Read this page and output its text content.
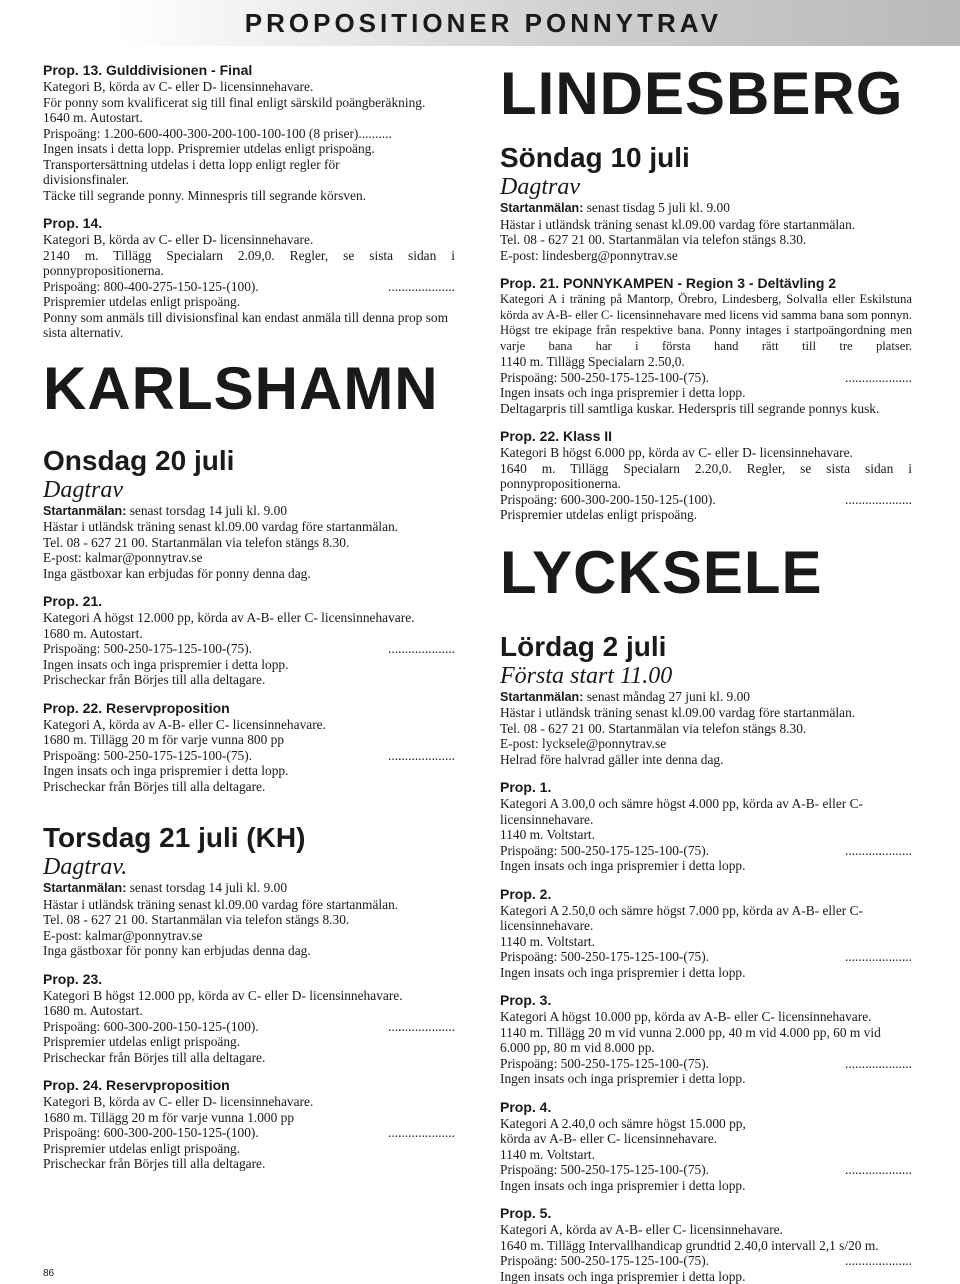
PROPOSITIONER PONNYTRAV
Prop. 13. Gulddivisionen - Final
Kategori B, körda av C- eller D- licensinnehavare.
För ponny som kvalificerat sig till final enligt särskild poängberäkning.
1640 m. Autostart.
Prispoäng: 1.200-600-400-300-200-100-100-100 (8 priser)..........
Ingen insats i detta lopp. Prispremier utdelas enligt prispoäng.
Transportersättning utdelas i detta lopp enligt regler för divisionsfinaler.
Täcke till segrande ponny. Minnespris till segrande körsven.
Prop. 14.
Kategori B, körda av C- eller D- licensinnehavare.
2140 m. Tillägg Specialarn 2.09,0. Regler, se sista sidan i ponnypropositionerna.
Prispoäng: 800-400-275-150-125-(100).	....................
Prispremier utdelas enligt prispoäng.
Ponny som anmäls till divisionsfinal kan endast anmäla till denna prop som sista alternativ.
KARLSHAMN
Onsdag 20 juli
Dagtrav
Startanmälan: senast torsdag 14 juli kl. 9.00
Hästar i utländsk träning senast kl.09.00 vardag före startanmälan.
Tel. 08 - 627 21 00. Startanmälan via telefon stängs 8.30.
E-post: kalmar@ponnytrav.se
Inga gästboxar kan erbjudas för ponny denna dag.
Prop. 21.
Kategori A högst 12.000 pp, körda av A-B- eller C- licensinnehavare.
1680 m. Autostart.
Prispoäng: 500-250-175-125-100-(75).	....................
Ingen insats och inga prispremier i detta lopp.
Prischeckar från Börjes till alla deltagare.
Prop. 22. Reservproposition
Kategori A, körda av A-B- eller C- licensinnehavare.
1680 m. Tillägg 20 m för varje vunna 800 pp
Prispoäng: 500-250-175-125-100-(75).	....................
Ingen insats och inga prispremier i detta lopp.
Prischeckar från Börjes till alla deltagare.
Torsdag 21 juli (KH)
Dagtrav.
Startanmälan: senast torsdag 14 juli kl. 9.00
Hästar i utländsk träning senast kl.09.00 vardag före startanmälan.
Tel. 08 - 627 21 00. Startanmälan via telefon stängs 8.30.
E-post: kalmar@ponnytrav.se
Inga gästboxar för ponny kan erbjudas denna dag.
Prop. 23.
Kategori B högst 12.000 pp, körda av C- eller D- licensinnehavare.
1680 m. Autostart.
Prispoäng: 600-300-200-150-125-(100).	....................
Prispremier utdelas enligt prispoäng.
Prischeckar från Börjes till alla deltagare.
Prop. 24. Reservproposition
Kategori B, körda av C- eller D- licensinnehavare.
1680 m. Tillägg 20 m för varje vunna 1.000 pp
Prispoäng: 600-300-200-150-125-(100).	....................
Prispremier utdelas enligt prispoäng.
Prischeckar från Börjes till alla deltagare.
86
LINDESBERG
Söndag 10 juli
Dagtrav
Startanmälan: senast tisdag 5 juli kl. 9.00
Hästar i utländsk träning senast kl.09.00 vardag före startanmälan.
Tel. 08 - 627 21 00. Startanmälan via telefon stängs 8.30.
E-post: lindesberg@ponnytrav.se
Prop. 21. PONNYKAMPEN - Region 3 - Deltävling 2
Kategori A i träning på Mantorp, Örebro, Lindesberg, Solvalla eller Eskilstuna körda av A-B- eller C- licensinnehavare med licens vid samma bana som ponnyn. Högst tre ekipage från respektive bana. Ponny intages i startpoängordning men varje bana har i första hand rätt till tre platser.
1140 m. Tillägg Specialarn 2.50,0.
Prispoäng: 500-250-175-125-100-(75).	....................
Ingen insats och inga prispremier i detta lopp.
Deltagarpris till samtliga kuskar. Hederspris till segrande ponnys kusk.
Prop. 22. Klass II
Kategori B högst 6.000 pp, körda av C- eller D- licensinnehavare.
1640 m. Tillägg Specialarn 2.20,0. Regler, se sista sidan i ponnypropositionerna.
Prispoäng: 600-300-200-150-125-(100).	....................
Prispremier utdelas enligt prispoäng.
LYCKSELE
Lördag 2 juli
Första start 11.00
Startanmälan: senast måndag 27 juni kl. 9.00
Hästar i utländsk träning senast kl.09.00 vardag före startanmälan.
Tel. 08 - 627 21 00. Startanmälan via telefon stängs 8.30.
E-post: lycksele@ponnytrav.se
Helrad före halvrad gäller inte denna dag.
Prop. 1.
Kategori A 3.00,0 och sämre högst 4.000 pp, körda av A-B- eller C- licensinnehavare.
1140 m. Voltstart.
Prispoäng: 500-250-175-125-100-(75).	....................
Ingen insats och inga prispremier i detta lopp.
Prop. 2.
Kategori A 2.50,0 och sämre högst 7.000 pp, körda av A-B- eller C- licensinnehavare.
1140 m. Voltstart.
Prispoäng: 500-250-175-125-100-(75).	....................
Ingen insats och inga prispremier i detta lopp.
Prop. 3.
Kategori A högst 10.000 pp, körda av A-B- eller C- licensinnehavare.
1140 m. Tillägg 20 m vid vunna 2.000 pp, 40 m vid 4.000 pp, 60 m vid 6.000 pp, 80 m vid 8.000 pp.
Prispoäng: 500-250-175-125-100-(75).	....................
Ingen insats och inga prispremier i detta lopp.
Prop. 4.
Kategori A 2.40,0 och sämre högst 15.000 pp,
körda av A-B- eller C- licensinnehavare.
1140 m. Voltstart.
Prispoäng: 500-250-175-125-100-(75).	....................
Ingen insats och inga prispremier i detta lopp.
Prop. 5.
Kategori A, körda av A-B- eller C- licensinnehavare.
1640 m. Tillägg Intervallhandicap grundtid 2.40,0 intervall 2,1 s/20 m.
Prispoäng: 500-250-175-125-100-(75).	....................
Ingen insats och inga prispremier i detta lopp.
